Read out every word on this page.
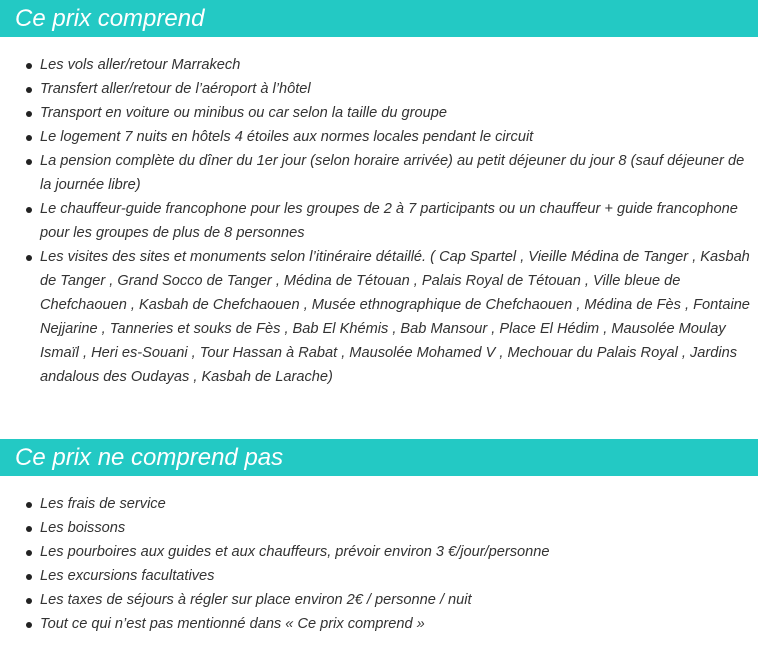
Ce prix comprend
Les vols aller/retour Marrakech
Transfert aller/retour de l’aéroport à l’hôtel
Transport en voiture ou minibus ou car selon la taille du groupe
Le logement 7 nuits en hôtels 4 étoiles aux normes locales pendant le circuit
La pension complète du dîner du 1er jour (selon horaire arrivée) au petit déjeuner du jour 8 (sauf déjeuner de la journée libre)
Le chauffeur-guide francophone pour les groupes de 2 à 7 participants ou un chauffeur + guide francophone pour les groupes de plus de 8 personnes
Les visites des sites et monuments selon l’itinéraire détaillé. ( Cap Spartel , Vieille Médina de Tanger , Kasbah de Tanger , Grand Socco de Tanger , Médina de Tétouan , Palais Royal de Tétouan , Ville bleue de Chefchaouen , Kasbah de Chefchaouen , Musée ethnographique de Chefchaouen , Médina de Fès , Fontaine Nejjarine , Tanneries et souks de Fès , Bab El Khémis , Bab Mansour , Place El Hédim , Mausolée Moulay Ismaïl , Heri es-Souani , Tour Hassan à Rabat , Mausolée Mohamed V , Mechouar du Palais Royal , Jardins andalous des Oudayas , Kasbah de Larache)
Ce prix ne comprend pas
Les frais de service
Les boissons
Les pourboires aux guides et aux chauffeurs, prévoir environ 3 €/jour/personne
Les excursions facultatives
Les taxes de séjours à régler sur place environ 2€ / personne / nuit
Tout ce qui n’est pas mentionné dans « Ce prix comprend »
